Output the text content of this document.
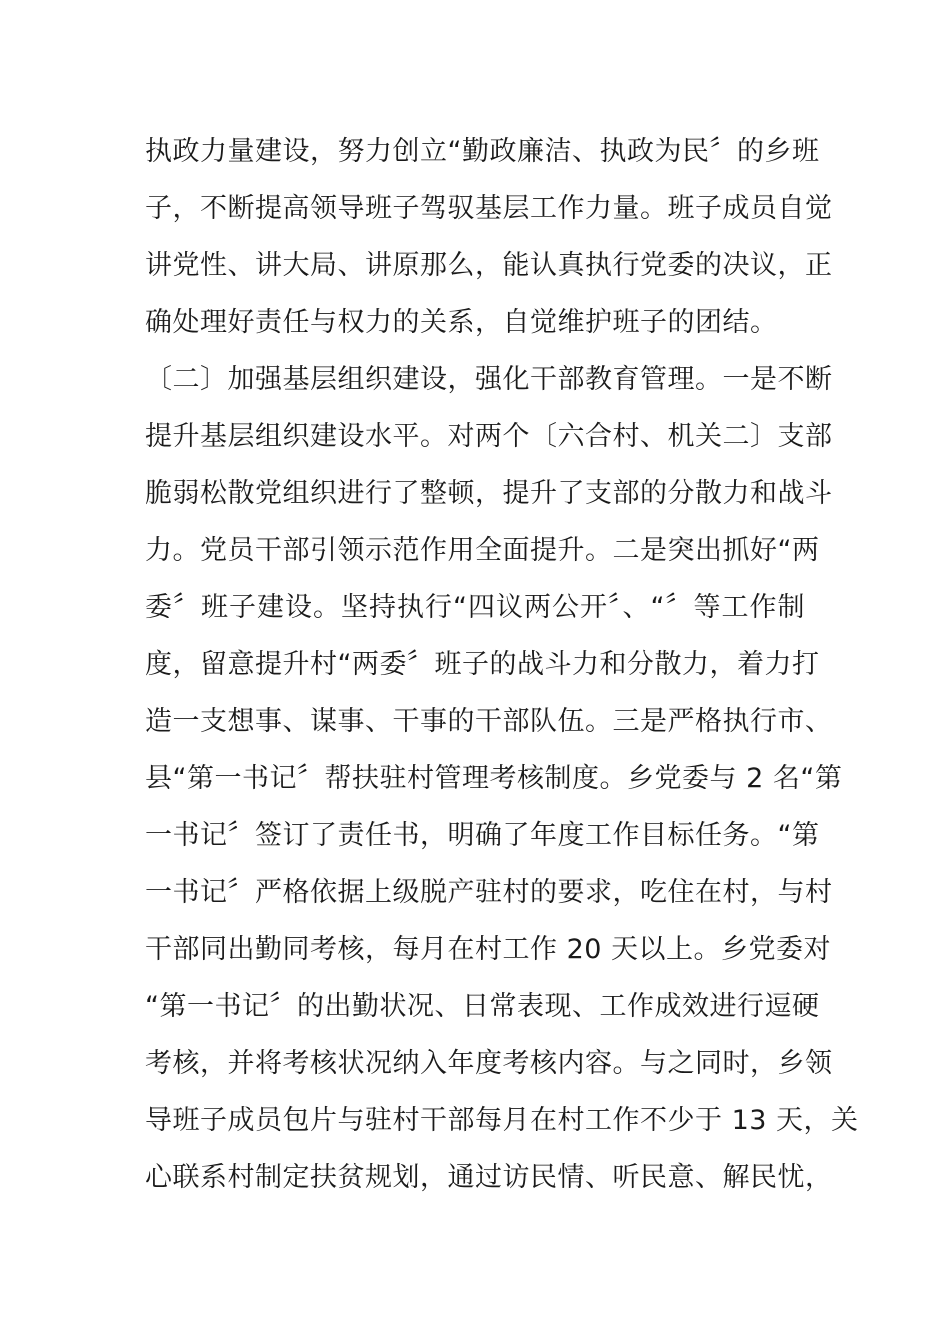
执政力量建设，努力创立“勤政廉洁、执政为民〞的乡班
子，不断提高领导班子驾驭基层工作力量。班子成员自觉
讲党性、讲大局、讲原那么，能认真执行党委的决议，正
确处理好责任与权力的关系，自觉维护班子的团结。
〔二〕加强基层组织建设，强化干部教育管理。一是不断
提升基层组织建设水平。对两个〔六合村、机关二〕支部
脆弱松散党组织进行了整顿，提升了支部的分散力和战斗
力。党员干部引领示范作用全面提升。二是突出抓好“两
委〞班子建设。坚持执行“四议两公开〞、“〞等工作制
度，留意提升村“两委〞班子的战斗力和分散力，着力打
造一支想事、谋事、干事的干部队伍。三是严格执行市、
县“第一书记〞帮扶驻村管理考核制度。乡党委与 2 名“第
一书记〞签订了责任书，明确了年度工作目标任务。“第
一书记〞严格依据上级脱产驻村的要求，吃住在村，与村
干部同出勤同考核，每月在村工作 20 天以上。乡党委对
“第一书记〞的出勤状况、日常表现、工作成效进行逗硬
考核，并将考核状况纳入年度考核内容。与之同时，乡领
导班子成员包片与驻村干部每月在村工作不少于 13 天，关
心联系村制定扶贫规划，通过访民情、听民意、解民忧，
